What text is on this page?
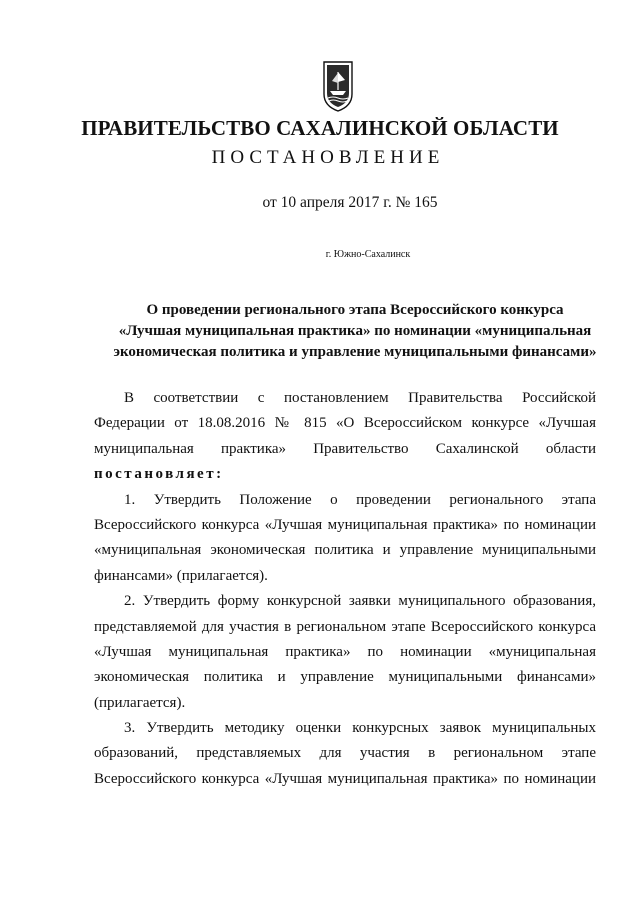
ПРАВИТЕЛЬСТВО САХАЛИНСКОЙ ОБЛАСТИ
ПОСТАНОВЛЕНИЕ
от 10 апреля 2017 г. № 165
г. Южно-Сахалинск
О проведении регионального этапа Всероссийского конкурса
«Лучшая муниципальная практика» по номинации «муниципальная
экономическая политика и управление муниципальными финансами»
В соответствии с постановлением Правительства Российской
Федерации от 18.08.2016 № 815 «О Всероссийском конкурсе «Лучшая
муниципальная практика» Правительство Сахалинской области
постановляет:
1. Утвердить Положение о проведении регионального этапа
Всероссийского конкурса «Лучшая муниципальная практика» по номинации
«муниципальная экономическая политика и управление муниципальными
финансами» (прилагается).
2. Утвердить форму конкурсной заявки муниципального образования,
представляемой для участия в региональном этапе Всероссийского конкурса
«Лучшая муниципальная практика» по номинации «муниципальная
экономическая политика и управление муниципальными финансами»
(прилагается).
3. Утвердить методику оценки конкурсных заявок муниципальных
образований, представляемых для участия в региональном этапе
Всероссийского конкурса «Лучшая муниципальная практика» по номинации
